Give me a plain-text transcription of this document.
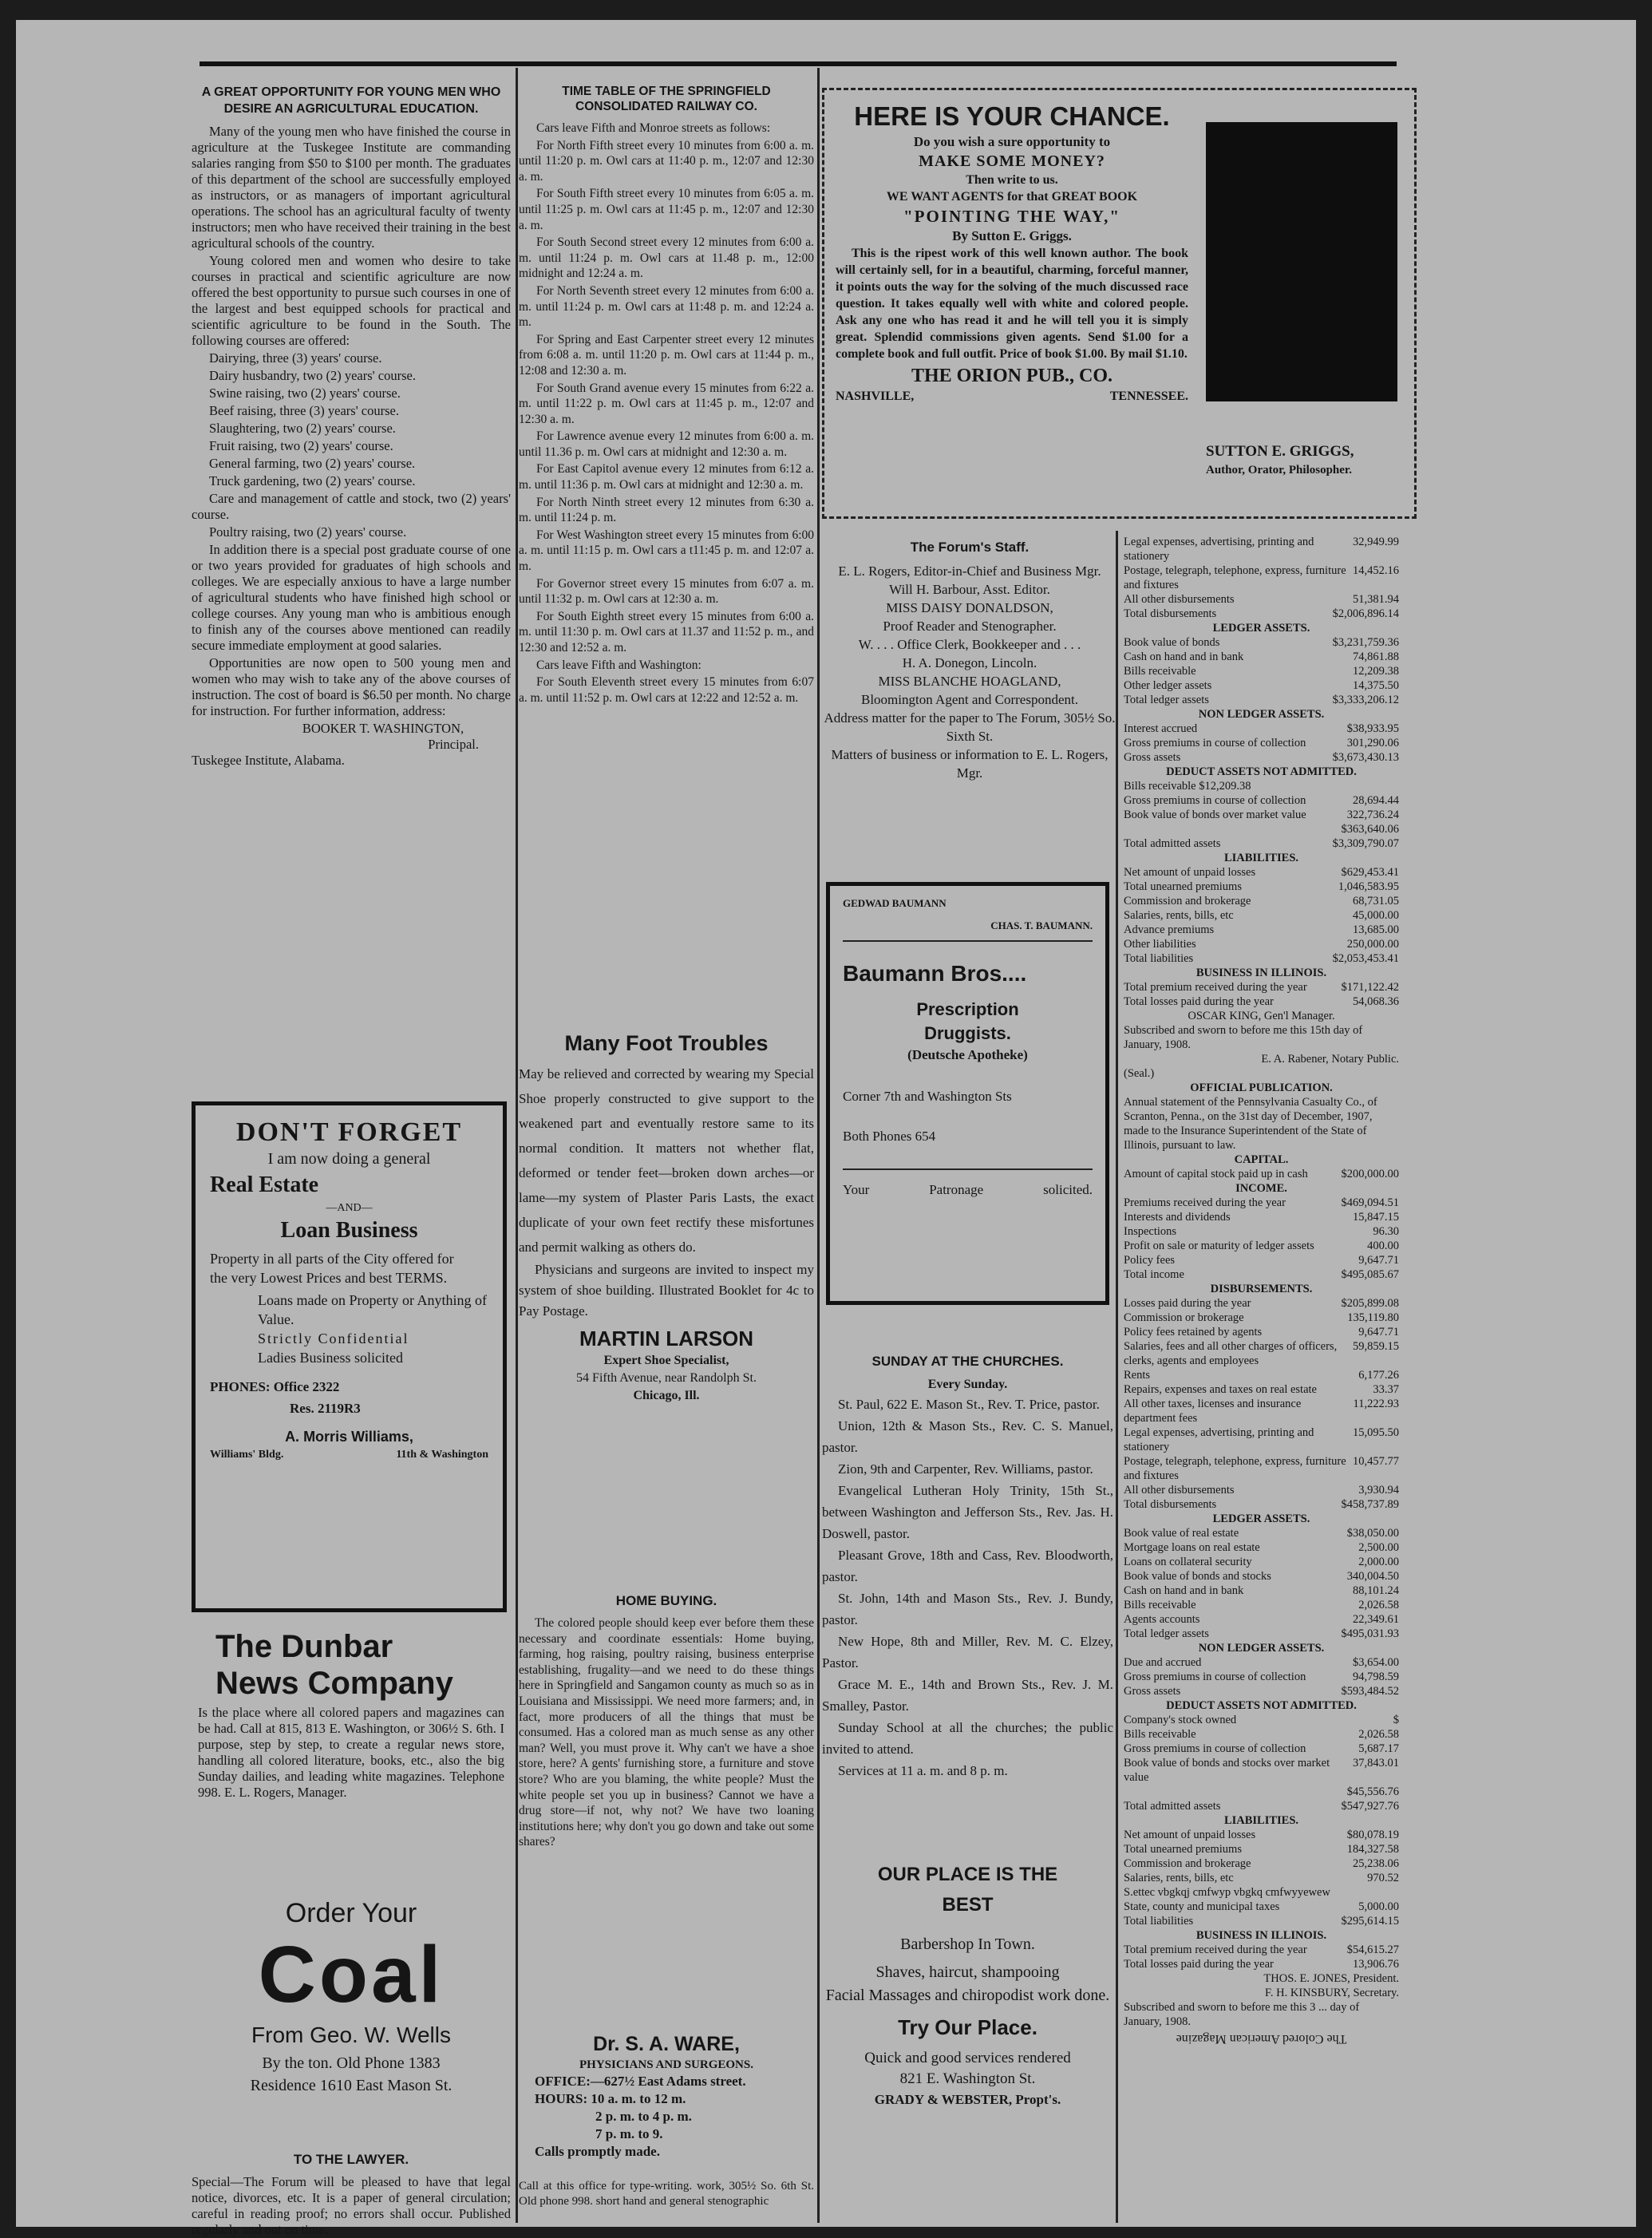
A GREAT OPPORTUNITY FOR YOUNG MEN WHO DESIRE AN AGRICULTURAL EDUCATION.

Many of the young men who have finished the course in agriculture at the Tuskegee Institute are commanding salaries ranging from $50 to $100 per month. The graduates of this department of the school are successfully employed as instructors, or as managers of important agricultural operations. The school has an agricultural faculty of twenty instructors; men who have received their training in the best agricultural schools of the country.

Young colored men and women who desire to take courses in practical and scientific agriculture are now offered the best opportunity to pursue such courses in one of the largest and best equipped schools for practical and scientific agriculture to be found in the South. The following courses are offered:

Dairying, three (3) years' course.

Dairy husbandry, two (2) years' course.

Swine raising, two (2) years' course.

Beef raising, three (3) years' course.

Slaughtering, two (2) years' course.

Fruit raising, two (2) years' course.

General farming, two (2) years' course.

Truck gardening, two (2) years' course.

Care and management of cattle and stock, two (2) years' course.

Poultry raising, two (2) years' course.

In addition there is a special post graduate course of one or two years provided for graduates of high schools and colleges. We are especially anxious to have a large number of agricultural students who have finished high school or college courses. Any young man who is ambitious enough to finish any of the courses above mentioned can readily secure immediate employment at good salaries.

Opportunities are now open to 500 young men and women who may wish to take any of the above courses of instruction. The cost of board is $6.50 per month. No charge for instruction. For further information, address:

BOOKER T. WASHINGTON,
Principal.
Tuskegee Institute, Alabama.
DON'T FORGET
I am now doing a general
Real Estate
—AND—
Loan Business
Property in all parts of the City offered for the very Lowest Prices and best TERMS.
Loans made on Property or Anything of Value.
Strictly Confidential
Ladies Business solicited
PHONES: Office 2322
Res. 2119R3
A. Morris Williams,
Williams' Bldg.	11th & Washington
The Dunbar
News Company
Is the place where all colored papers and magazines can be had. Call at 815, 813 E. Washington, or 306½ S. 6th. I purpose, step by step, to create a regular news store, handling all colored literature, books, etc., also the big Sunday dailies, and leading white magazines. Telephone 998. E. L. Rogers, Manager.
Order Your
Coal
From Geo. W. Wells
By the ton. Old Phone 1383
Residence 1610 East Mason St.
TO THE LAWYER.
Special—The Forum will be pleased to have that legal notice, divorces, etc. It is a paper of general circulation; careful in reading proof; no errors shall occur. Published regularly and out on time.
TIME TABLE OF THE SPRINGFIELD CONSOLIDATED RAILWAY CO.

Cars leave Fifth and Monroe streets as follows:

For North Fifth street every 10 minutes from 6:00 a. m. until 11:20 p. m. Owl cars at 11:40 p. m., 12:07 and 12:30 a. m.

For South Fifth street every 10 minutes from 6:05 a. m. until 11:25 p. m. Owl cars at 11:45 p. m., 12:07 and 12:30 a. m.

For South Second street every 12 minutes from 6:00 a. m. until 11:24 p. m. Owl cars at 11.48 p. m., 12:00 midnight and 12:24 a. m.

For North Seventh street every 12 minutes from 6:00 a. m. until 11:24 p. m. Owl cars at 11:48 p. m. and 12:24 a. m.

For Spring and East Carpenter street every 12 minutes from 6:08 a. m. until 11:20 p. m. Owl cars at 11:44 p. m., 12:08 and 12:30 a. m.

For South Grand avenue every 15 minutes from 6:22 a. m. until 11:22 p. m. Owl cars at 11:45 p. m., 12:07 and 12:30 a. m.

For Lawrence avenue every 12 minutes from 6:00 a. m. until 11.36 p. m. Owl cars at midnight and 12:30 a. m.

For East Capitol avenue every 12 minutes from 6:12 a. m. until 11:36 p. m. Owl cars at midnight and 12:30 a. m.

For North Ninth street every 12 minutes from 6:30 a. m. until 11:24 p. m.

For West Washington street every 15 minutes from 6:00 a. m. until 11:15 p. m. Owl cars a t11:45 p. m. and 12:07 a. m.

For Governor street every 15 minutes from 6:07 a. m. until 11:32 p. m. Owl cars at 12:30 a. m.

For South Eighth street every 15 minutes from 6:00 a. m. until 11:30 p. m. Owl cars at 11.37 and 11:52 p. m., and 12:30 and 12:52 a. m.

Cars leave Fifth and Washington:

For South Eleventh street every 15 minutes from 6:07 a. m. until 11:52 p. m. Owl cars at 12:22 and 12:52 a. m.

Many Foot Troubles
May be relieved and corrected by wearing my Special Shoe properly constructed to give support to the weakened part and eventually restore same to its normal condition. It matters not whether flat, deformed or tender feet—broken down arches—or lame—my system of Plaster Paris Lasts, the exact duplicate of your own feet rectify these misfortunes and permit walking as others do.
Physicians and surgeons are invited to inspect my system of shoe building. Illustrated Booklet for 4c to Pay Postage.
MARTIN LARSON
Expert Shoe Specialist,
54 Fifth Avenue, near Randolph St.
Chicago, Ill.
HOME BUYING.
The colored people should keep ever before them these necessary and coordinate essentials: Home buying, farming, hog raising, poultry raising, business enterprise establishing, frugality—and we need to do these things here in Springfield and Sangamon county as much so as in Louisiana and Mississippi. We need more farmers; and, in fact, more producers of all the things that must be consumed. Has a colored man as much sense as any other man? Well, you must prove it. Why can't we have a shoe store, here? A gents' furnishing store, a furniture and stove store? Who are you blaming, the white people? Must the white people set you up in business? Cannot we have a drug store—if not, why not? We have two loaning institutions here; why don't you go down and take out some shares?
Dr. S. A. WARE,
PHYSICIANS AND SURGEONS.
OFFICE:—627½ East Adams street.
HOURS: 10 a. m. to 12 m.
2 p. m. to 4 p. m.
7 p. m. to 9.
Calls promptly made.
Call at this office for type-writing. work, 305½ So. 6th St. Old phone 998. short hand and general stenographic
HERE IS YOUR CHANCE.
Do you wish a sure opportunity to
MAKE SOME MONEY?
Then write to us.
WE WANT AGENTS for that GREAT BOOK
"POINTING THE WAY,"
By Sutton E. Griggs.
This is the ripest work of this well known author. The book will certainly sell, for in a beautiful, charming, forceful manner, it points outs the way for the solving of the much discussed race question. It takes equally well with white and colored people. Ask any one who has read it and he will tell you it is simply great. Splendid commissions given agents. Send $1.00 for a complete book and full outfit. Price of book $1.00. By mail $1.10.
THE ORION PUB., CO.
NASHVILLE,	TENNESSEE.
SUTTON E. GRIGGS,
Author, Orator, Philosopher.
The Forum's Staff.
E. L. Rogers, Editor-in-Chief and Business Mgr.
Will H. Barbour, Asst. Editor.
MISS DAISY DONALDSON,
Proof Reader and Stenographer.
W. . . . Office Clerk, Bookkeeper and . . .
H. A. Donegon, Lincoln.
MISS BLANCHE HOAGLAND,
Bloomington Agent and Correspondent.
Address matter for the paper to The Forum, 305½ So. Sixth St.
Matters of business or information to E. L. Rogers, Mgr.
GEDWAD BAUMANN
CHAS. T. BAUMANN.
Baumann Bros....
Prescription
Druggists.
(Deutsche Apotheke)
Corner 7th and Washington Sts
Both Phones 654
Your	Patronage	solicited.
SUNDAY AT THE CHURCHES.
Every Sunday.

St. Paul, 622 E. Mason St., Rev. T. Price, pastor.

Union, 12th & Mason Sts., Rev. C. S. Manuel, pastor.

Zion, 9th and Carpenter, Rev. Williams, pastor.

Evangelical Lutheran Holy Trinity, 15th St., between Washington and Jefferson Sts., Rev. Jas. H. Doswell, pastor.

Pleasant Grove, 18th and Cass, Rev. Bloodworth, pastor.

St. John, 14th and Mason Sts., Rev. J. Bundy, pastor.

New Hope, 8th and Miller, Rev. M. C. Elzey, Pastor.

Grace M. E., 14th and Brown Sts., Rev. J. M. Smalley, Pastor.

Sunday School at all the churches; the public invited to attend.

Services at 11 a. m. and 8 p. m.

OUR PLACE IS THE
BEST
Barbershop In Town.
Shaves, haircut, shampooing
Facial Massages and chiropodist work done.
Try Our Place.
Quick and good services rendered
821 E. Washington St.
GRADY & WEBSTER, Propt's.
Legal expenses, advertising, printing and stationery
32,949.99
Postage, telegraph, telephone, express, furniture and fixtures
14,452.16
All other disbursements	51,381.94
Total disbursements	$2,006,896.14
LEDGER ASSETS.
Book value of bonds	$3,231,759.36
Cash on hand and in bank	74,861.88
Bills receivable	12,209.38
Other ledger assets	14,375.50
Total ledger assets	$3,333,206.12
NON LEDGER ASSETS.
Interest accrued	$38,933.95
Gross premiums in course of collection	301,290.06
Gross assets	$3,673,430.13
DEDUCT ASSETS NOT ADMITTED.
Bills receivable $12,209.38
Gross premiums in course of collection	28,694.44
Book value of bonds over market value	322,736.24
$363,640.06
Total admitted assets	$3,309,790.07
LIABILITIES.
Net amount of unpaid losses	$629,453.41
Total unearned premiums	1,046,583.95
Commission and brokerage	68,731.05
Salaries, rents, bills, etc	45,000.00
Advance premiums	13,685.00
Other liabilities	250,000.00
Total liabilities	$2,053,453.41
BUSINESS IN ILLINOIS.
Total premium received during the year	$171,122.42
Total losses paid during the year	54,068.36
OSCAR KING, Gen'l Manager.
Subscribed and sworn to before me this 15th day of January, 1908.
E. A. Rabener, Notary Public.
(Seal.)
OFFICIAL PUBLICATION.
Annual statement of the Pennsylvania Casualty Co., of Scranton, Penna., on the 31st day of December, 1907, made to the Insurance Superintendent of the State of Illinois, pursuant to law.
CAPITAL.
Amount of capital stock paid up in cash	$200,000.00
INCOME.
Premiums received during the year	$469,094.51
Interests and dividends	15,847.15
Inspections	96.30
Profit on sale or maturity of ledger assets	400.00
Policy fees	9,647.71
Total income	$495,085.67
DISBURSEMENTS.
Losses paid during the year	$205,899.08
Commission or brokerage	135,119.80
Policy fees retained by agents	9,647.71
Salaries, fees and all other charges of officers, clerks, agents and employees
59,859.15
Rents	6,177.26
Repairs, expenses and taxes on real estate	33.37
All other taxes, licenses and insurance department fees
11,222.93
Legal expenses, advertising, printing and stationery
15,095.50
Postage, telegraph, telephone, express, furniture and fixtures
10,457.77
All other disbursements	3,930.94
Total disbursements	$458,737.89
LEDGER ASSETS.
Book value of real estate	$38,050.00
Mortgage loans on real estate	2,500.00
Loans on collateral security	2,000.00
Book value of bonds and stocks	340,004.50
Cash on hand and in bank	88,101.24
Bills receivable	2,026.58
Agents accounts	22,349.61
Total ledger assets	$495,031.93
NON LEDGER ASSETS.
Due and accrued	$3,654.00
Gross premiums in course of collection	94,798.59
Gross assets	$593,484.52
DEDUCT ASSETS NOT ADMITTED.
Company's stock owned	$
Bills receivable	2,026.58
Gross premiums in course of collection	5,687.17
Book value of bonds and stocks over market value
37,843.01
$45,556.76
Total admitted assets	$547,927.76
LIABILITIES.
Net amount of unpaid losses	$80,078.19
Total unearned premiums	184,327.58
Commission and brokerage	25,238.06
Salaries, rents, bills, etc	970.52
S.ettec vbgkqj cmfwyp vbgkq cmfwyyewew
State, county and municipal taxes	5,000.00
Total liabilities	$295,614.15
BUSINESS IN ILLINOIS.
Total premium received during the year	$54,615.27
Total losses paid during the year	13,906.76
THOS. E. JONES, President.
F. H. KINSBURY, Secretary.
Subscribed and sworn to before me this 3 ... day of January, 1908.
The Colored American Magazine
